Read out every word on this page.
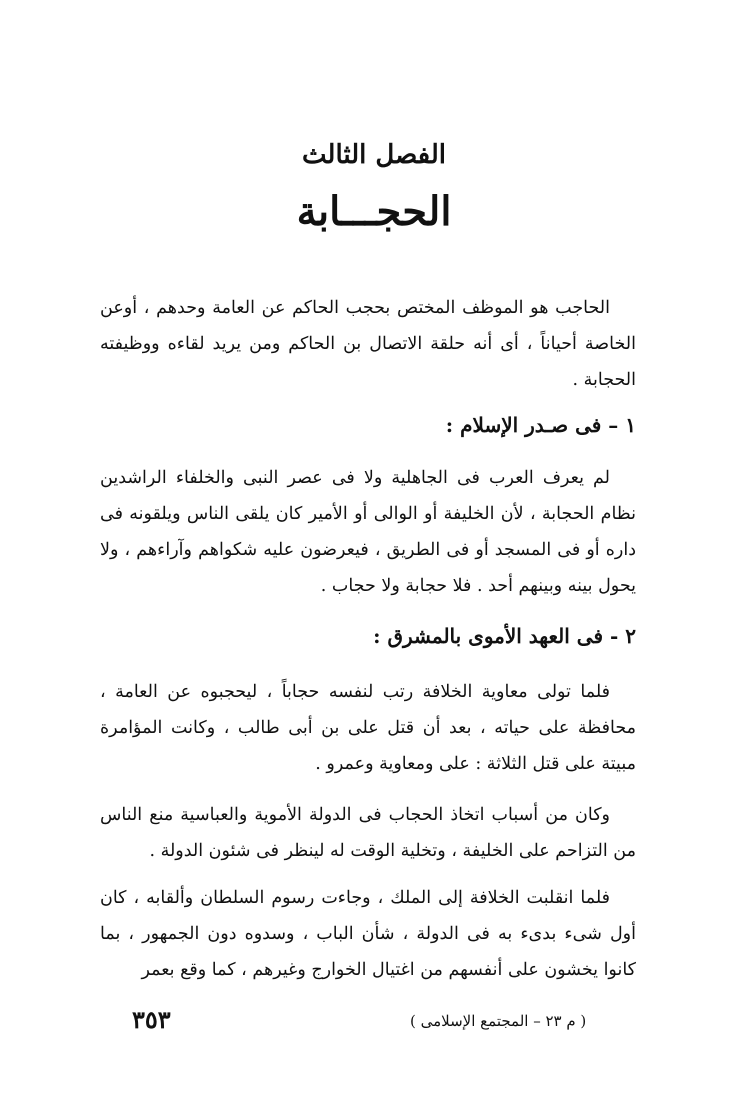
الفصل الثالث
الحجـــابة

الحاجب هو الموظف المختص بحجب الحاكم عن العامة وحدهم ، أوعن الخاصة أحياناً ، أى أنه حلقة الاتصال بن الحاكم ومن يريد لقاءه ووظيفته الحجابة .

١ – فى صـدر الإسلام :

لم يعرف العرب فى الجاهلية ولا فى عصر النبى والخلفاء الراشدين نظام الحجابة ، لأن الخليفة أو الوالى أو الأمير كان يلقى الناس ويلقونه فى داره أو فى المسجد أو فى الطريق ، فيعرضون عليه شكواهم وآراءهم ، ولا يحول بينه وبينهم أحد . فلا حجابة ولا حجاب .

٢ - فى العهد الأموى بالمشرق :

فلما تولى معاوية الخلافة رتب لنفسه حجاباً ، ليحجبوه عن العامة ، محافظة على حياته ، بعد أن قتل على بن أبى طالب ، وكانت المؤامرة مبيتة على قتل الثلاثة : على ومعاوية وعمرو .

وكان من أسباب اتخاذ الحجاب فى الدولة الأموية والعباسية منع الناس من التزاحم على الخليفة ، وتخلية الوقت له لينظر فى شئون الدولة .

فلما انقلبت الخلافة إلى الملك ، وجاءت رسوم السلطان وألقابه ، كان أول شىء بدىء به فى الدولة ، شأن الباب ، وسدوه دون الجمهور ، بما كانوا يخشون على أنفسهم من اغتيال الخوارج وغيرهم ، كما وقع بعمر

٣٥٣	( م ٢٣ – المجتمع الإسلامى )
